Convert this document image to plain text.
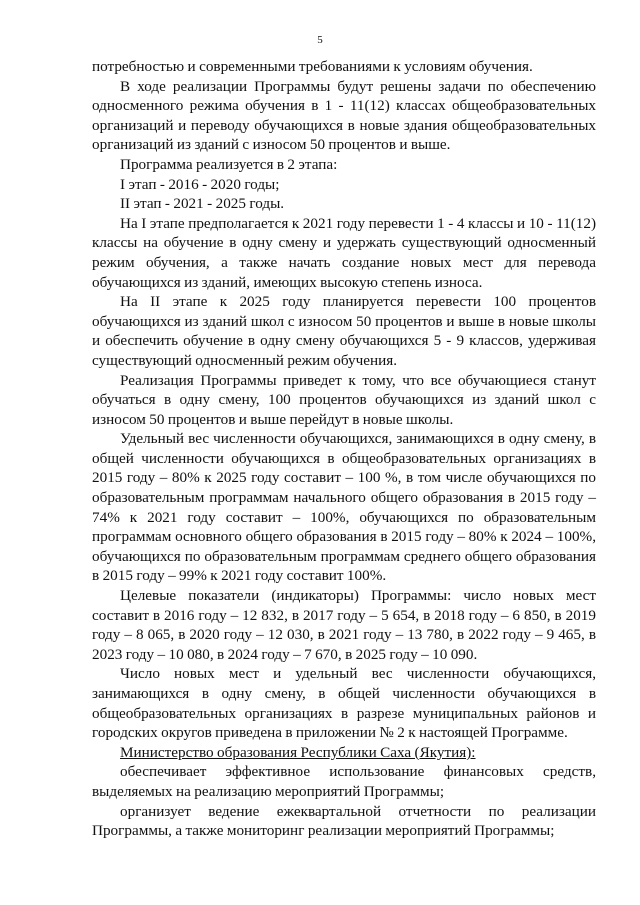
5

потребностью и современными требованиями к условиям обучения.

В ходе реализации Программы будут решены задачи по обеспечению односменного режима обучения в 1 - 11(12) классах общеобразовательных организаций и переводу обучающихся в новые здания общеобразовательных организаций из зданий с износом 50 процентов и выше.

Программа реализуется в 2 этапа:

I этап - 2016 - 2020 годы;

II этап - 2021 - 2025 годы.

На I этапе предполагается к 2021 году перевести 1 - 4 классы и 10 - 11(12) классы на обучение в одну смену и удержать существующий односменный режим обучения, а также начать создание новых мест для перевода обучающихся из зданий, имеющих высокую степень износа.

На II этапе к 2025 году планируется перевести 100 процентов обучающихся из зданий школ с износом 50 процентов и выше в новые школы и обеспечить обучение в одну смену обучающихся 5 - 9 классов, удерживая существующий односменный режим обучения.

Реализация Программы приведет к тому, что все обучающиеся станут обучаться в одну смену, 100 процентов обучающихся из зданий школ с износом 50 процентов и выше перейдут в новые школы.

Удельный вес численности обучающихся, занимающихся в одну смену, в общей численности обучающихся в общеобразовательных организациях в 2015 году – 80% к 2025 году составит – 100 %, в том числе обучающихся по образовательным программам начального общего образования в 2015 году – 74% к 2021 году составит – 100%, обучающихся по образовательным программам основного общего образования в 2015 году – 80% к 2024 – 100%, обучающихся по образовательным программам среднего общего образования в 2015 году – 99% к 2021 году составит 100%.

Целевые показатели (индикаторы) Программы: число новых мест составит в 2016 году – 12 832, в 2017 году – 5 654, в 2018 году – 6 850, в 2019 году – 8 065, в 2020 году – 12 030, в 2021 году – 13 780, в 2022 году – 9 465, в 2023 году – 10 080, в 2024 году – 7 670, в 2025 году – 10 090.

Число новых мест и удельный вес численности обучающихся, занимающихся в одну смену, в общей численности обучающихся в общеобразовательных организациях в разрезе муниципальных районов и городских округов приведена в приложении № 2 к настоящей Программе.

Министерство образования Республики Саха (Якутия):

обеспечивает эффективное использование финансовых средств, выделяемых на реализацию мероприятий Программы;

организует ведение ежеквартальной отчетности по реализации Программы, а также мониторинг реализации мероприятий Программы;
